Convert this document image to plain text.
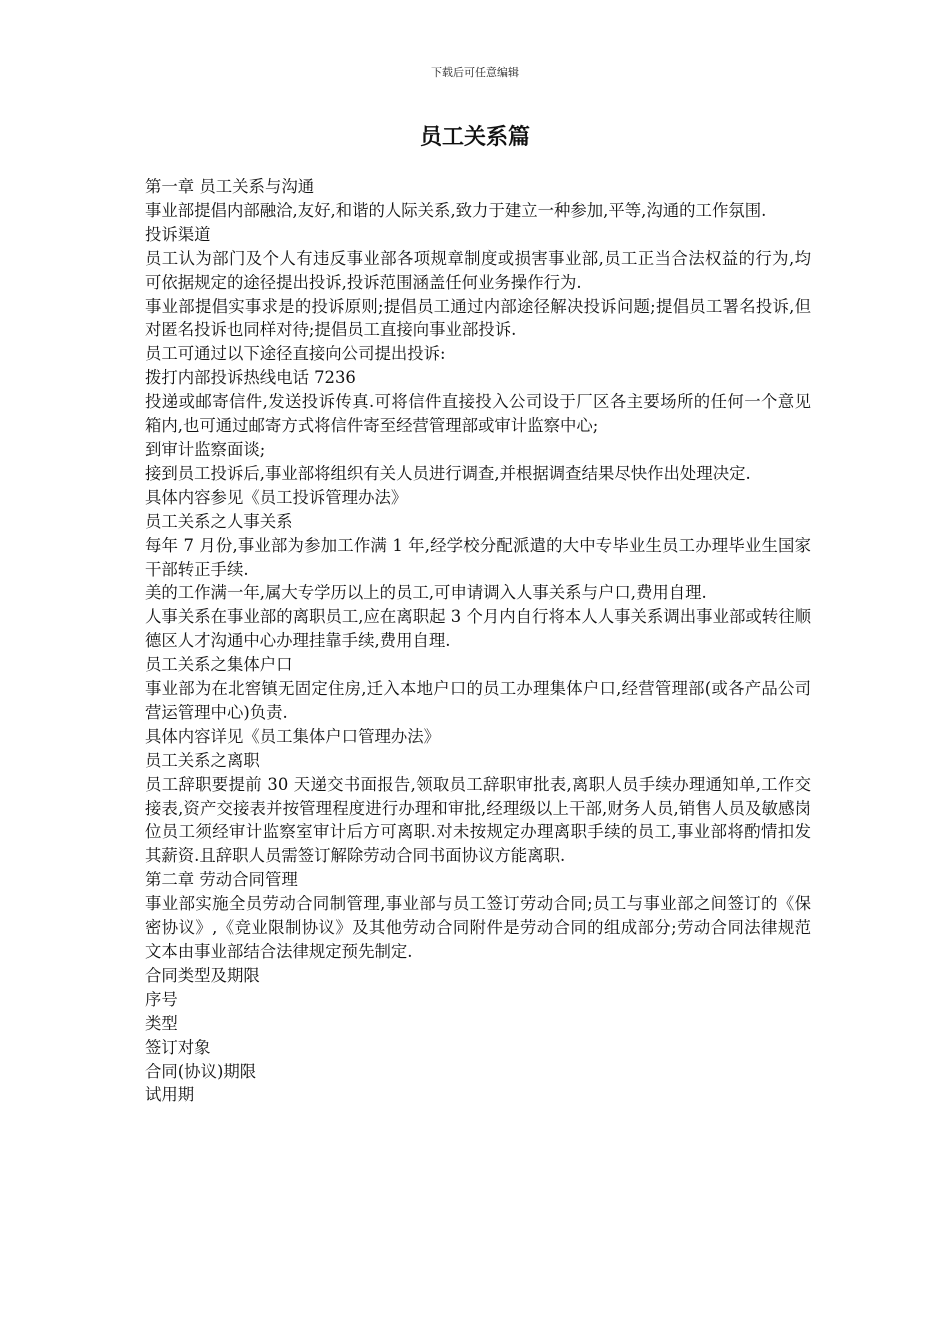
下载后可任意编辑
员工关系篇

第一章 员工关系与沟通

事业部提倡内部融洽,友好,和谐的人际关系,致力于建立一种参加,平等,沟通的工作氛围.

投诉渠道

员工认为部门及个人有违反事业部各项规章制度或损害事业部,员工正当合法权益的行为,均可依据规定的途径提出投诉,投诉范围涵盖任何业务操作行为.

事业部提倡实事求是的投诉原则;提倡员工通过内部途径解决投诉问题;提倡员工署名投诉,但对匿名投诉也同样对待;提倡员工直接向事业部投诉.

员工可通过以下途径直接向公司提出投诉:

拨打内部投诉热线电话 7236

投递或邮寄信件,发送投诉传真.可将信件直接投入公司设于厂区各主要场所的任何一个意见箱内,也可通过邮寄方式将信件寄至经营管理部或审计监察中心;

到审计监察面谈;

接到员工投诉后,事业部将组织有关人员进行调查,并根据调查结果尽快作出处理决定.

具体内容参见《员工投诉管理办法》

员工关系之人事关系

每年 7 月份,事业部为参加工作满 1 年,经学校分配派遣的大中专毕业生员工办理毕业生国家干部转正手续.

美的工作满一年,属大专学历以上的员工,可申请调入人事关系与户口,费用自理.

人事关系在事业部的离职员工,应在离职起 3 个月内自行将本人人事关系调出事业部或转往顺德区人才沟通中心办理挂靠手续,费用自理.

员工关系之集体户口

事业部为在北窖镇无固定住房,迁入本地户口的员工办理集体户口,经营管理部(或各产品公司营运管理中心)负责.

具体内容详见《员工集体户口管理办法》

员工关系之离职

员工辞职要提前 30 天递交书面报告,领取员工辞职审批表,离职人员手续办理通知单,工作交接表,资产交接表并按管理程度进行办理和审批,经理级以上干部,财务人员,销售人员及敏感岗位员工须经审计监察室审计后方可离职.对未按规定办理离职手续的员工,事业部将酌情扣发其薪资.且辞职人员需签订解除劳动合同书面协议方能离职.

第二章 劳动合同管理

事业部实施全员劳动合同制管理,事业部与员工签订劳动合同;员工与事业部之间签订的《保密协议》,《竞业限制协议》及其他劳动合同附件是劳动合同的组成部分;劳动合同法律规范文本由事业部结合法律规定预先制定.

合同类型及期限

序号

类型

签订对象

合同(协议)期限

试用期
